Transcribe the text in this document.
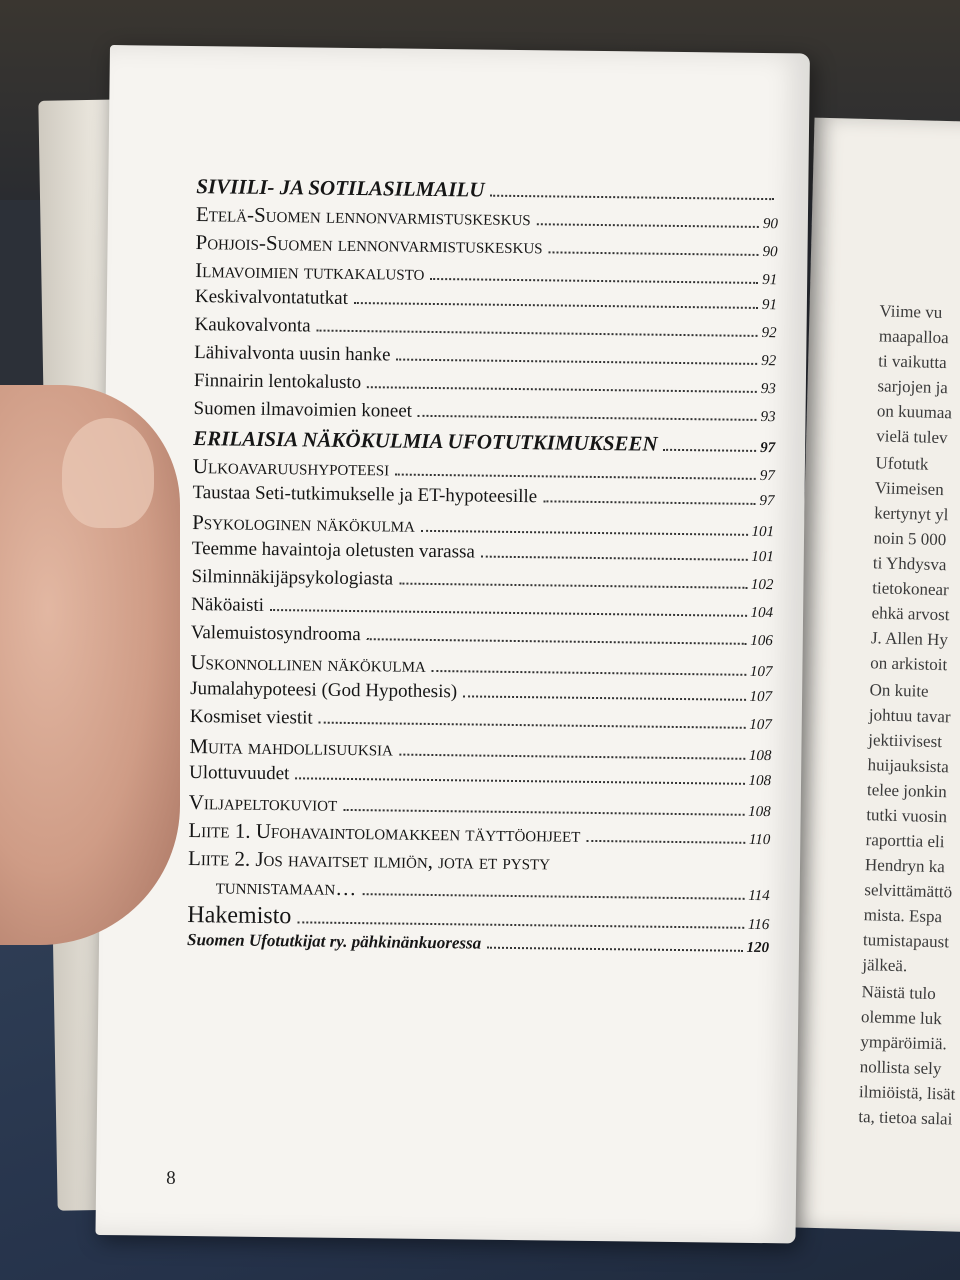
Viime vu
maapalloa
ti vaikutta
sarjojen ja
on kuumaa
vielä tulev
Ufotutk
Viimeisen
kertynyt yl
noin 5 000
ti Yhdysva
tietokonear
ehkä arvost
J. Allen Hy
on arkistoit
On kuite
johtuu tavar
jektiivisest
huijauksista
telee jonkin
tutki vuosin
raporttia eli
Hendryn ka
selvittämättö
mista. Espa
tumistapaust
jälkeä.
Näistä tulo
olemme luk
ympäröimiä.
nollista sely
ilmiöistä, lisät
ta, tietoa salai
SIVIILI- JA SOTILASILMAILU
Etelä-Suomen lennonvarmistuskeskus	90
Pohjois-Suomen lennonvarmistuskeskus	90
Ilmavoimien tutkakalusto	91
Keskivalvontatutkat	91
Kaukovalvonta	92
Lähivalvonta uusin hanke	92
Finnairin lentokalusto	93
Suomen ilmavoimien koneet	93
ERILAISIA NÄKÖKULMIA UFOTUTKIMUKSEEN	97
Ulkoavaruushypoteesi	97
Taustaa Seti-tutkimukselle ja ET-hypoteesille	97
Psykologinen näkökulma	101
Teemme havaintoja oletusten varassa	101
Silminnäkijäpsykologiasta	102
Näköaisti	104
Valemuistosyndrooma	106
Uskonnollinen näkökulma	107
Jumalahypoteesi (God Hypothesis)	107
Kosmiset viestit	107
Muita mahdollisuuksia	108
Ulottuvuudet	108
Viljapeltokuviot	108
Liite 1. Ufohavaintolomakkeen täyttöohjeet	110
Liite 2. Jos havaitset ilmiön, jota et pysty
tunnistamaan…	114
Hakemisto	116
Suomen Ufotutkijat ry. pähkinänkuoressa	120
8
